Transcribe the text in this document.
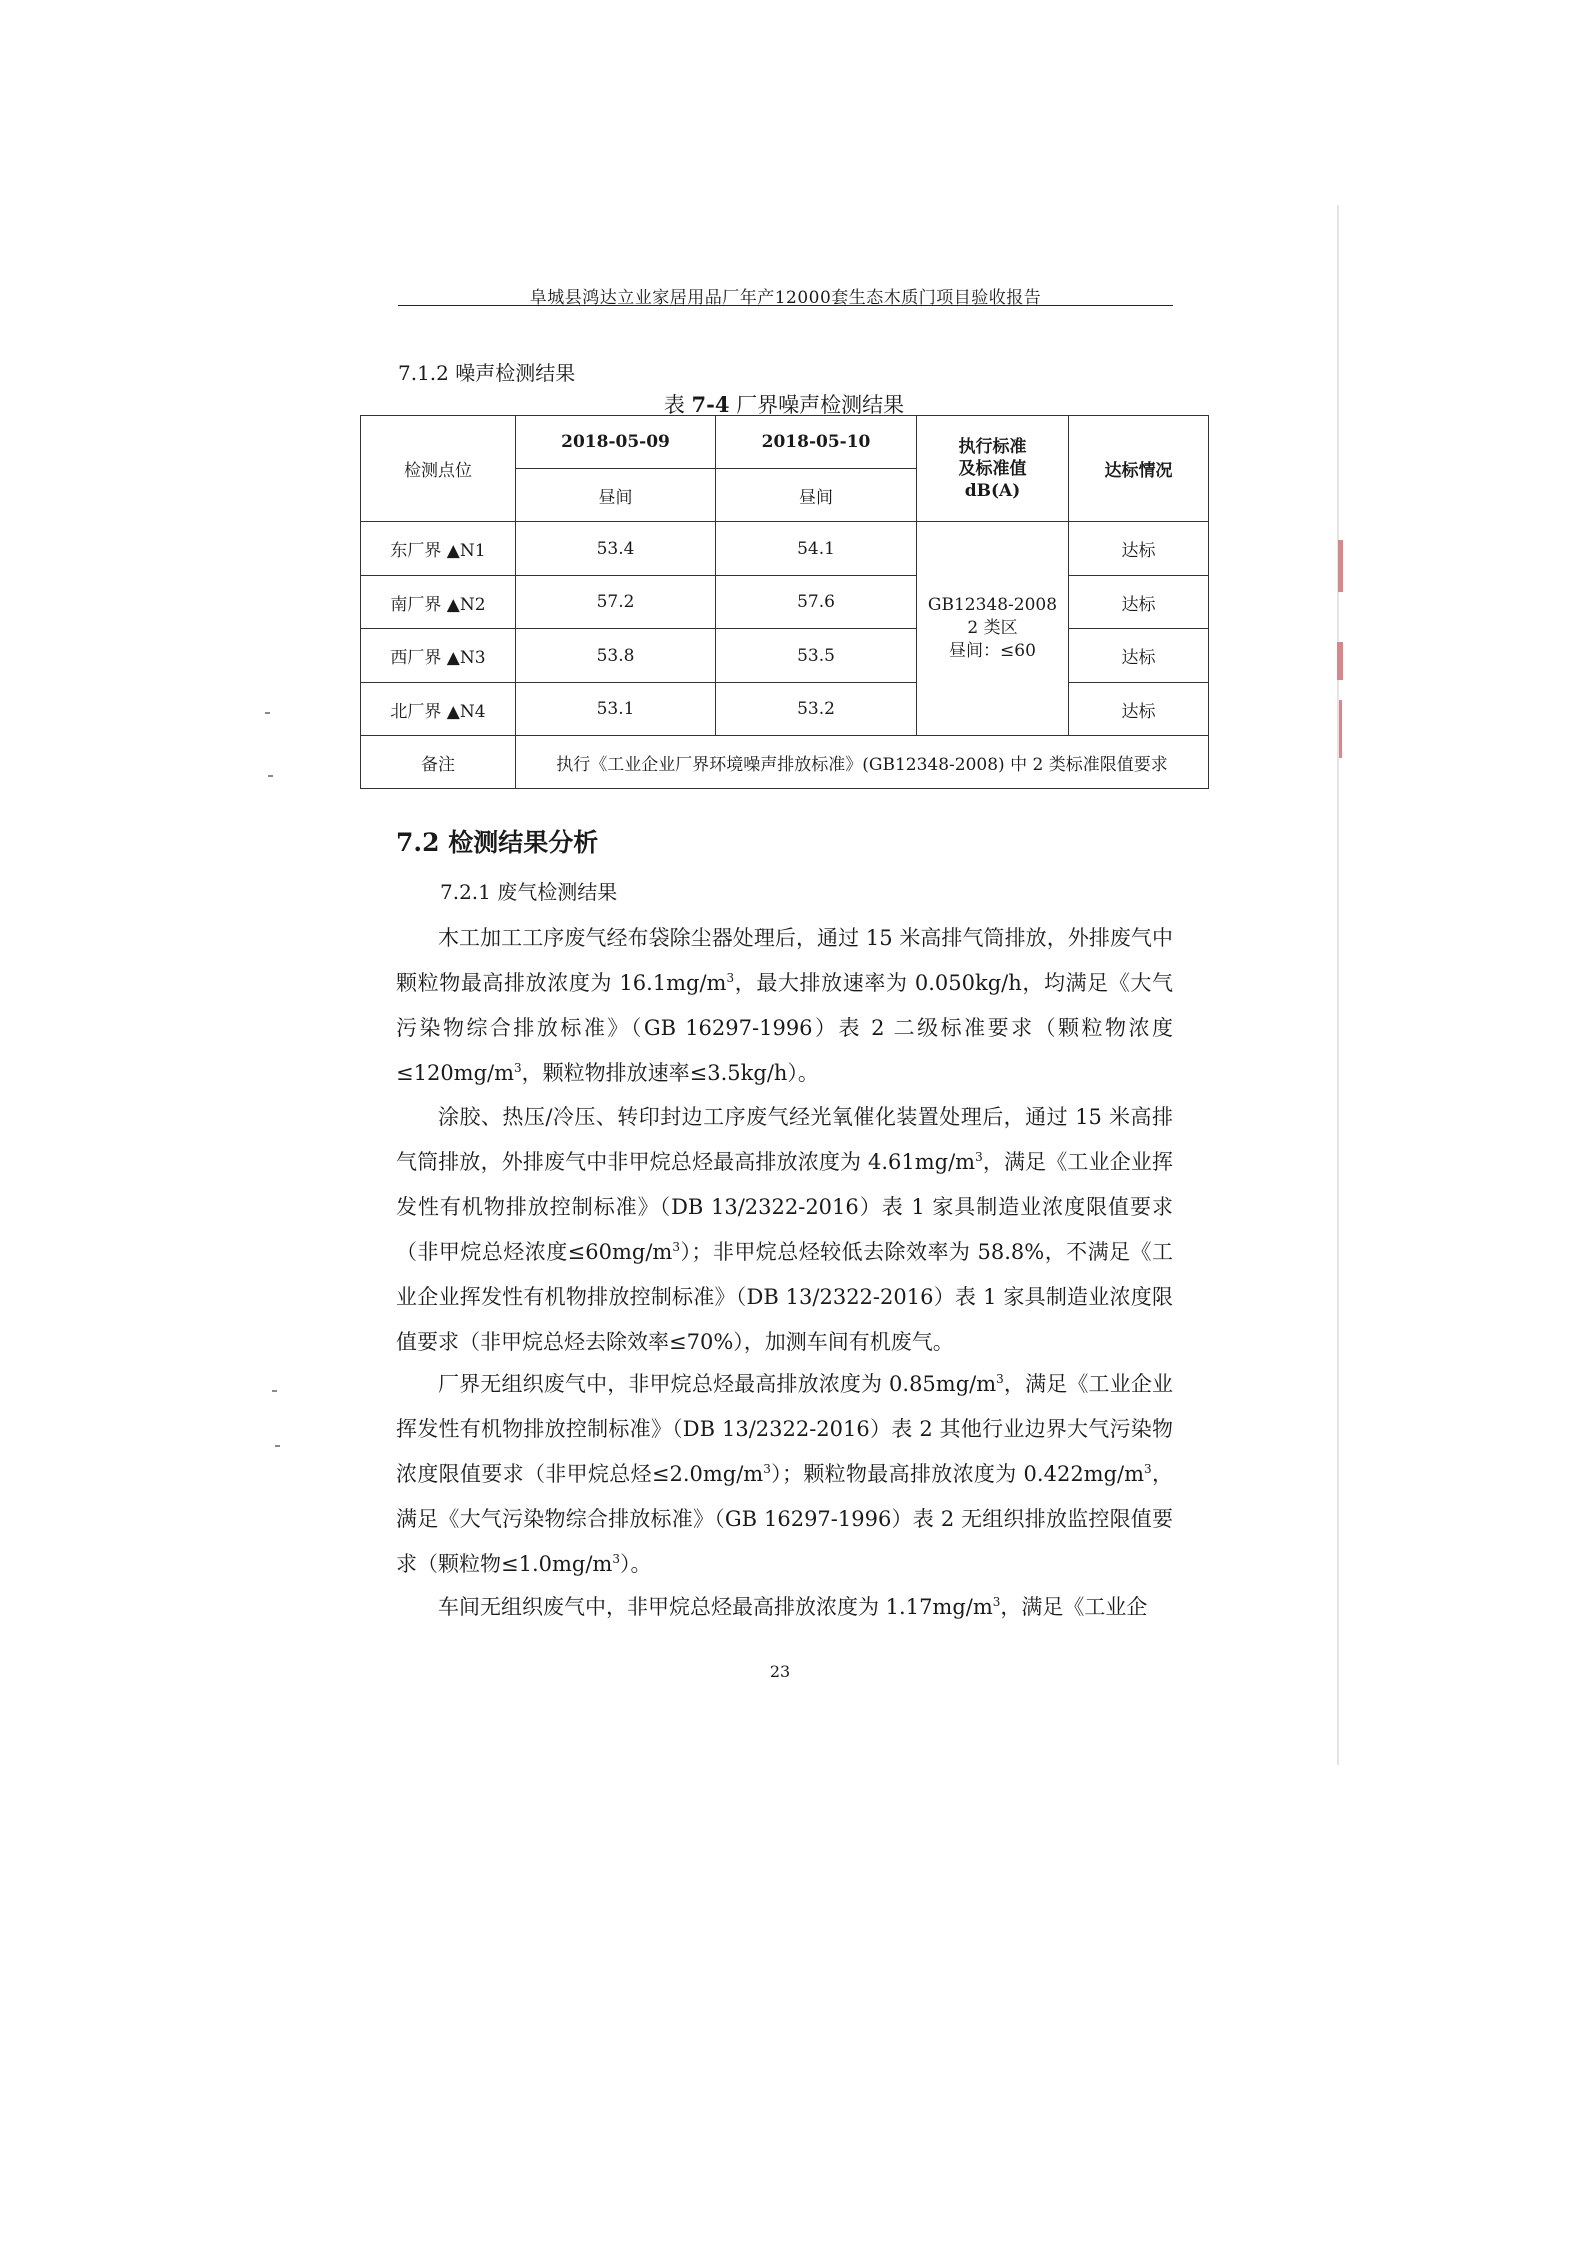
阜城县鸿达立业家居用品厂年产12000套生态木质门项目验收报告
7.1.2 噪声检测结果
表 7-4 厂界噪声检测结果
检测点位	2018-05-09	2018-05-10	执行标准
及标准值
dB(A)	达标情况
	昼间	昼间		
东厂界 ▲N1	53.4	54.1	GB12348-2008
2 类区
昼间：≤60	达标
南厂界 ▲N2	57.2	57.6		达标
西厂界 ▲N3	53.8	53.5		达标
北厂界 ▲N4	53.1	53.2		达标
备注	执行《工业企业厂界环境噪声排放标准》(GB12348-2008) 中 2 类标准限值要求			
7.2 检测结果分析
7.2.1 废气检测结果

木工加工工序废气经布袋除尘器处理后，通过 15 米高排气筒排放，外排废气中颗粒物最高排放浓度为 $16.1mg/m^3$，最大排放速率为 0.050kg/h，均满足《大气污染物综合排放标准》（GB 16297-1996）表 2 二级标准要求（颗粒物浓度$\le 120mg/m^3$，颗粒物排放速率≤3.5kg/h）。

涂胶、热压/冷压、转印封边工序废气经光氧催化装置处理后，通过 15 米高排气筒排放，外排废气中非甲烷总烃最高排放浓度为 $4.61mg/m^3$，满足《工业企业挥发性有机物排放控制标准》（DB 13/2322-2016）表 1 家具制造业浓度限值要求（非甲烷总烃浓度$\le 60mg/m^3$）；非甲烷总烃较低去除效率为 58.8%，不满足《工业企业挥发性有机物排放控制标准》（DB 13/2322-2016）表 1 家具制造业浓度限值要求（非甲烷总烃去除效率≤70%），加测车间有机废气。

厂界无组织废气中，非甲烷总烃最高排放浓度为 $0.85mg/m^3$，满足《工业企业挥发性有机物排放控制标准》（DB 13/2322-2016）表 2 其他行业边界大气污染物浓度限值要求（非甲烷总烃$\le 2.0mg/m^3$）；颗粒物最高排放浓度为 $0.422mg/m^3$，满足《大气污染物综合排放标准》（GB 16297-1996）表 2 无组织排放监控限值要求（颗粒物$\le 1.0mg/m^3$）。

车间无组织废气中，非甲烷总烃最高排放浓度为 $1.17mg/m^3$，满足《工业企

23
